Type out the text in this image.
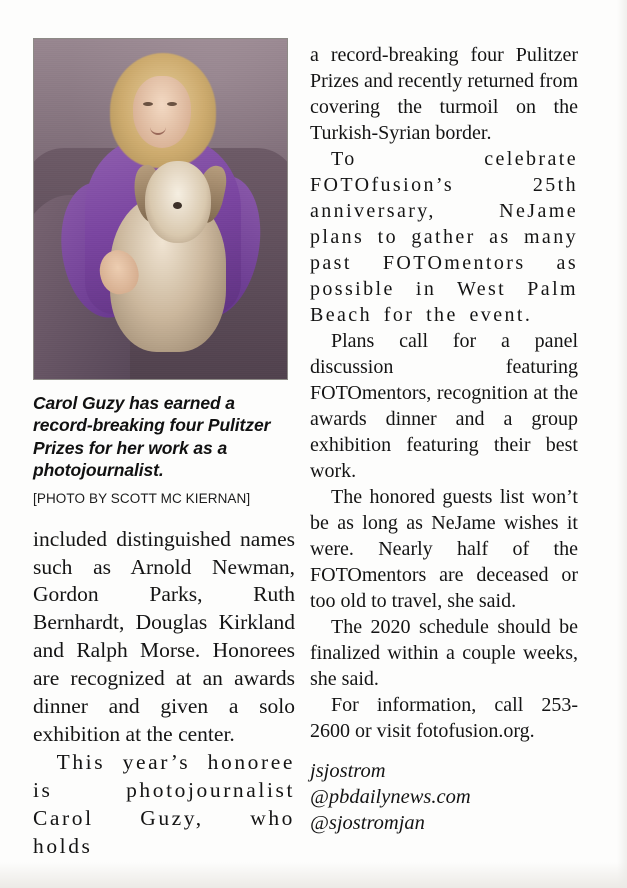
Carol Guzy has earned a record-breaking four Pulitzer Prizes for her work as a photojournalist.
[PHOTO BY SCOTT MC KIERNAN]

included distinguished names such as Arnold Newman, Gordon Parks, Ruth Bernhardt, Douglas Kirkland and Ralph Morse. Honorees are recognized at an awards dinner and given a solo exhibition at the center.

This year’s honoree is photojournalist Carol Guzy, who holds

a record-breaking four Pulitzer Prizes and recently returned from covering the turmoil on the Turkish-Syrian border.

To celebrate FOTOfusion’s 25th anniversary, NeJame plans to gather as many past FOTOmentors as possible in West Palm Beach for the event.

Plans call for a panel discussion featuring FOTOmentors, recognition at the awards dinner and a group exhibition featuring their best work.

The honored guests list won’t be as long as NeJame wishes it were. Nearly half of the FOTOmentors are deceased or too old to travel, she said.

The 2020 schedule should be finalized within a couple weeks, she said.

For information, call 253-2600 or visit fotofusion.org.

jsjostrom
@pbdailynews.com
@sjostromjan
